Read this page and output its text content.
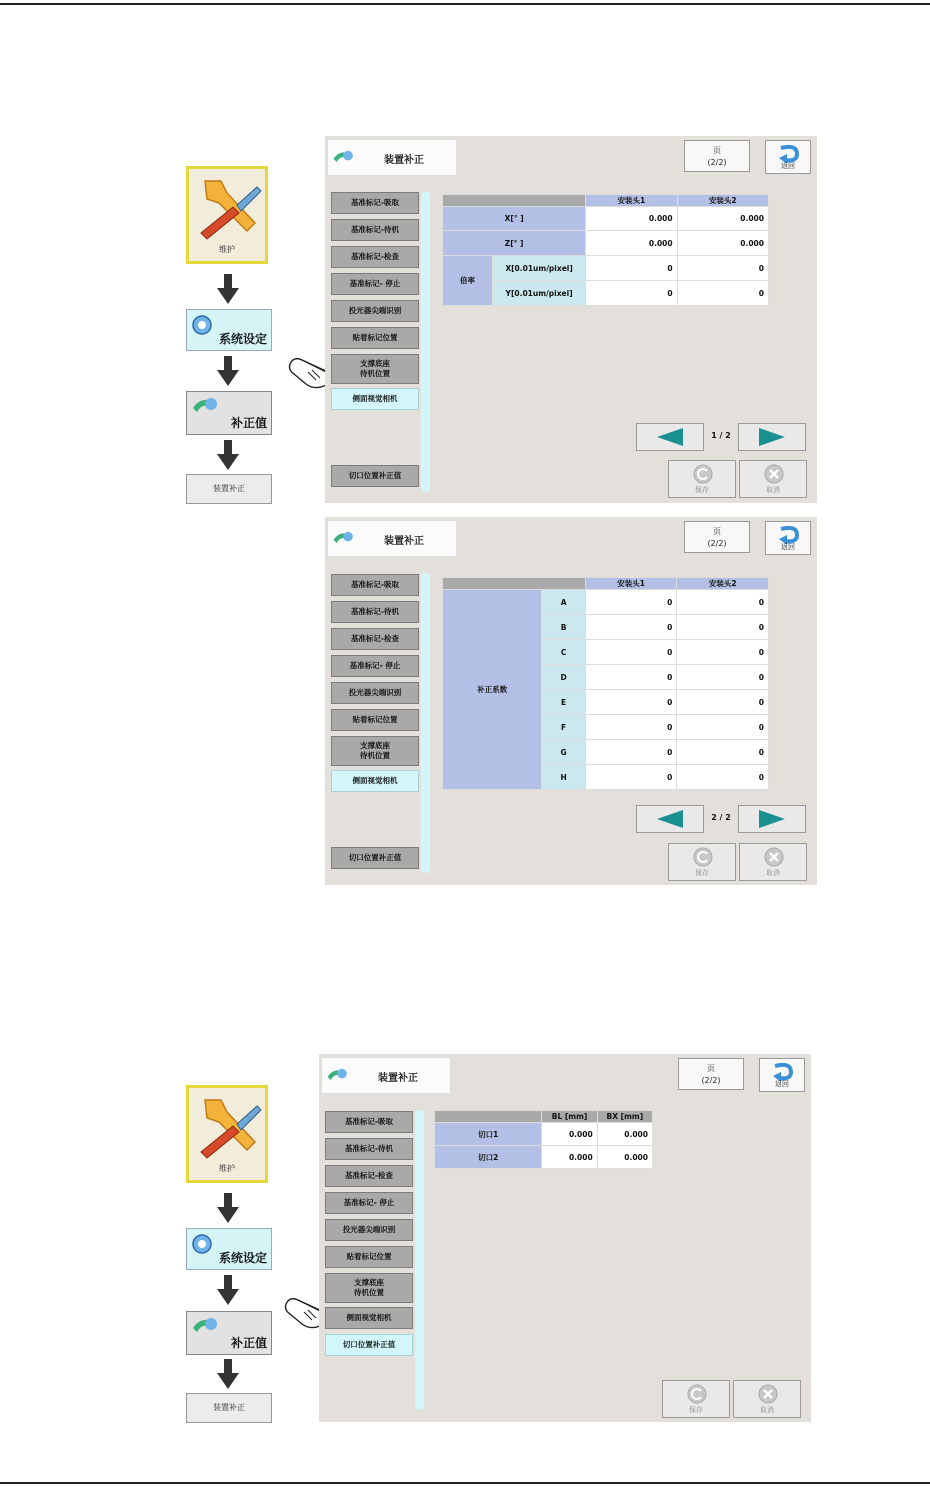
维护
系统设定
补正值
装置补正
装置补正
页
(2/2)	返回
基准标记-吸取
基准标记-待机
基准标记-检查
基准标记- 停止
投光器尖端识别
贴着标记位置
支撑底座
待机位置
侧面视觉相机
切口位置补正值
		安装头1	安装头2
X[° ]		0.000	0.000
Z[° ]		0.000	0.000
倍率	X[0.01um/pixel]	0	0
	Y[0.01um/pixel]	0	0
1 / 2
保存	取消
装置补正
页
(2/2)	返回
基准标记-吸取
基准标记-待机
基准标记-检查
基准标记- 停止
投光器尖端识别
贴着标记位置
支撑底座
待机位置
侧面视觉相机
切口位置补正值
		安装头1	安装头2
补正系数	A	0	0
	B	0	0
	C	0	0
	D	0	0
	E	0	0
	F	0	0
	G	0	0
	H	0	0
2 / 2
保存	取消
维护
系统设定
补正值
装置补正
装置补正
页
(2/2)	返回
基准标记-吸取
基准标记-待机
基准标记-检查
基准标记- 停止
投光器尖端识别
贴着标记位置
支撑底座
待机位置
侧面视觉相机
切口位置补正值
	BL [mm]	BX [mm]
切口1	0.000	0.000
切口2	0.000	0.000
保存	取消
